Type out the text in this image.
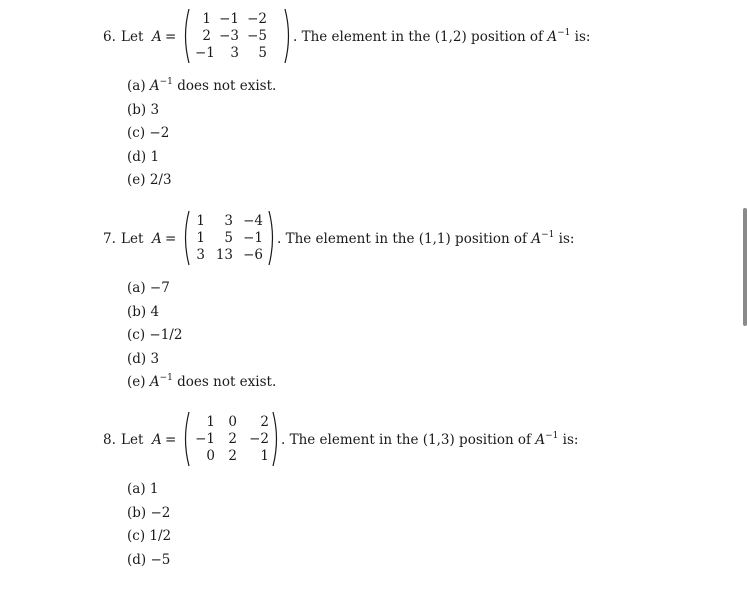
6. Let A =
1 −1 −2
2 −3 −5
−1	3	5
. The element in the (1,2) position of $A^{-1}$ is:
(a) $A^{-1}$ does not exist.
(b) 3
(c) −2
(d) 1
(e) 2/3
7. Let A =
1	3 −4
1	5 −1
3 13 −6
. The element in the (1,1) position of $A^{-1}$ is:
(a) −7
(b) 4
(c) −1/2
(d) 3
(e) $A^{-1}$ does not exist.
8. Let A =
1 0	2
−1 2 −2
0 2	1
. The element in the (1,3) position of $A^{-1}$ is:
(a) 1
(b) −2
(c) 1/2
(d) −5
